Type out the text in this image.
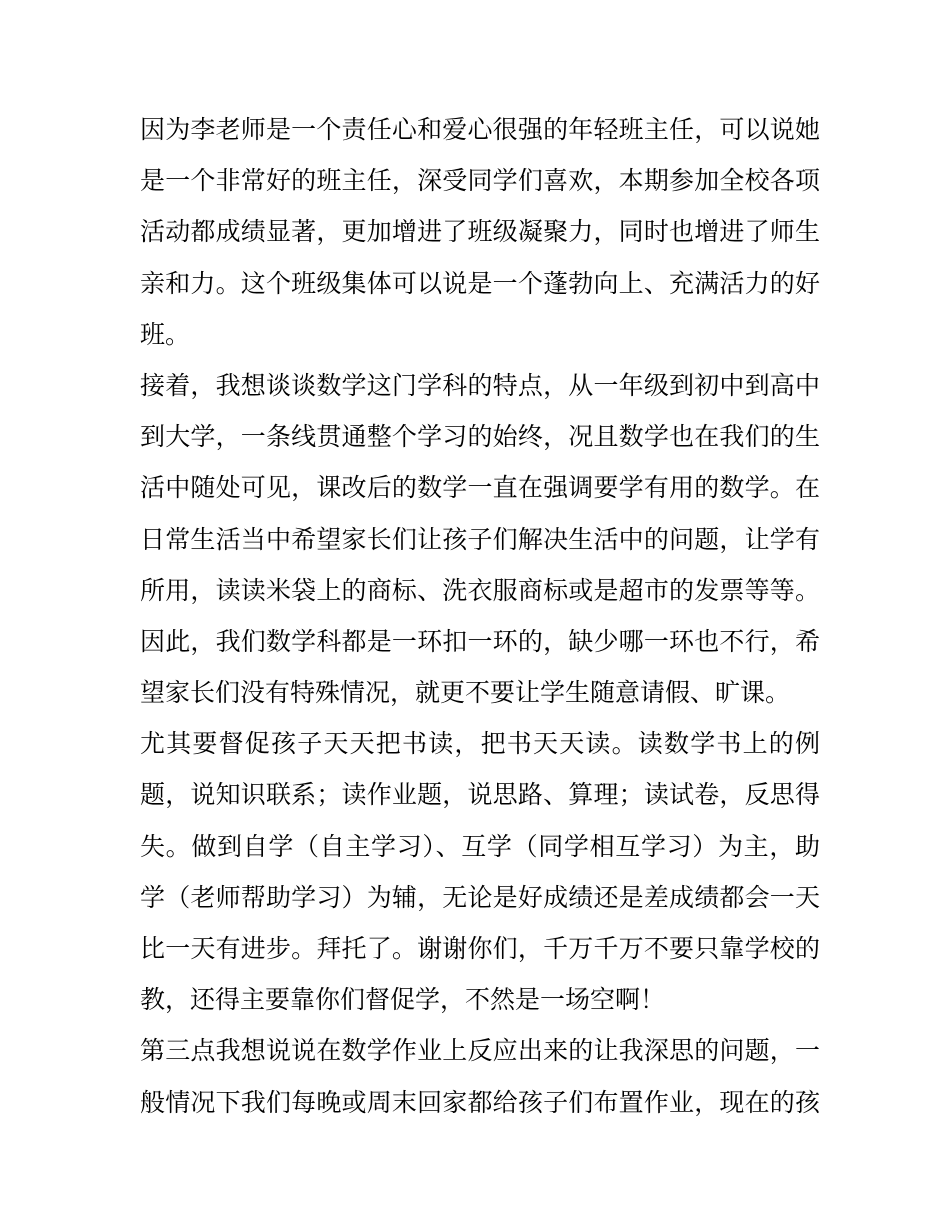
因为李老师是一个责任心和爱心很强的年轻班主任，可以说她
是一个非常好的班主任，深受同学们喜欢，本期参加全校各项
活动都成绩显著，更加增进了班级凝聚力，同时也增进了师生
亲和力。这个班级集体可以说是一个蓬勃向上、充满活力的好
班。

接着，我想谈谈数学这门学科的特点，从一年级到初中到高中
到大学，一条线贯通整个学习的始终，况且数学也在我们的生
活中随处可见，课改后的数学一直在强调要学有用的数学。在
日常生活当中希望家长们让孩子们解决生活中的问题，让学有
所用，读读米袋上的商标、洗衣服商标或是超市的发票等等。
因此，我们数学科都是一环扣一环的，缺少哪一环也不行，希
望家长们没有特殊情况，就更不要让学生随意请假、旷课。

尤其要督促孩子天天把书读，把书天天读。读数学书上的例
题，说知识联系；读作业题，说思路、算理；读试卷，反思得
失。做到自学（自主学习）、互学（同学相互学习）为主，助
学（老师帮助学习）为辅，无论是好成绩还是差成绩都会一天
比一天有进步。拜托了。谢谢你们，千万千万不要只靠学校的
教，还得主要靠你们督促学，不然是一场空啊！

第三点我想说说在数学作业上反应出来的让我深思的问题，一
般情况下我们每晚或周末回家都给孩子们布置作业，现在的孩
